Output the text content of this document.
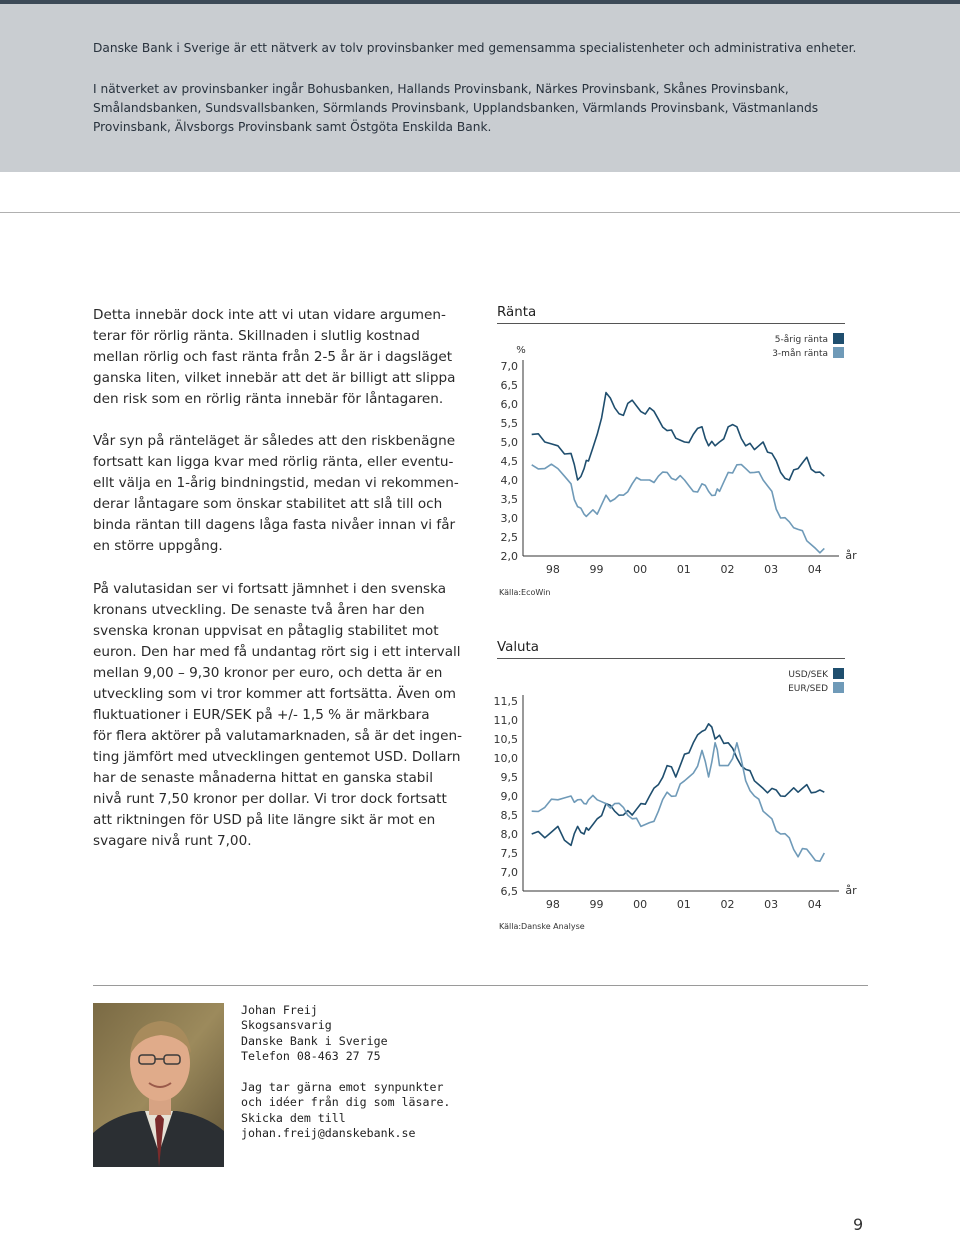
Danske Bank i Sverige är ett nätverk av tolv provinsbanker med gemensamma specialistenheter och administrativa enheter.

I nätverket av provinsbanker ingår Bohusbanken, Hallands Provinsbank, Närkes Provinsbank, Skånes Provinsbank, Smålandsbanken, Sundsvallsbanken, Sörmlands Provinsbank, Upplandsbanken, Värmlands Provinsbank, Västmanlands Provinsbank, Älvsborgs Provinsbank samt Östgöta Enskilda Bank.

Detta innebär dock inte att vi utan vidare argumen-
terar för rörlig ränta. Skillnaden i slutlig kostnad
mellan rörlig och fast ränta från 2-5 år är i dagsläget
ganska liten, vilket innebär att det är billigt att slippa
den risk som en rörlig ränta innebär för låntagaren.
Vår syn på ränteläget är således att den riskbenägne
fortsatt kan ligga kvar med rörlig ränta, eller eventu-
ellt välja en 1-årig bindningstid, medan vi rekommen-
derar låntagare som önskar stabilitet att slå till och
binda räntan till dagens låga fasta nivåer innan vi får
en större uppgång.
På valutasidan ser vi fortsatt jämnhet i den svenska
kronans utveckling. De senaste två åren har den
svenska kronan uppvisat en påtaglig stabilitet mot
euron. Den har med få undantag rört sig i ett intervall
mellan 9,00 – 9,30 kronor per euro, och detta är en
utveckling som vi tror kommer att fortsätta. Även om
fluktuationer i EUR/SEK på +/- 1,5 % är märkbara
för flera aktörer på valutamarknaden, så är det ingen-
ting jämfört med utvecklingen gentemot USD. Dollarn
har de senaste månaderna hittat en ganska stabil
nivå runt 7,50 kronor per dollar. Vi tror dock fortsatt
att riktningen för USD på lite längre sikt är mot en
svagare nivå runt 7,00.
Ränta
7,0
6,5
6,0
5,5
5,0
4,5
4,0
3,5
3,0
2,5
2,0
%
98	99	00	01	02	03	04
år
5-årig ränta
3-mån ränta
Källa:EcoWin
Valuta
11,5
11,0
10,5
10,0
9,5
9,0
8,5
8,0
7,5
7,0
6,5
98	99	00	01	02	03	04
år
USD/SEK
EUR/SED
Källa:Danske Analyse
Johan Freij
Skogsansvarig
Danske Bank i Sverige
Telefon 08-463 27 75
Jag tar gärna emot synpunkter
och idéer från dig som läsare.
Skicka dem till
johan.freij@danskebank.se
9
